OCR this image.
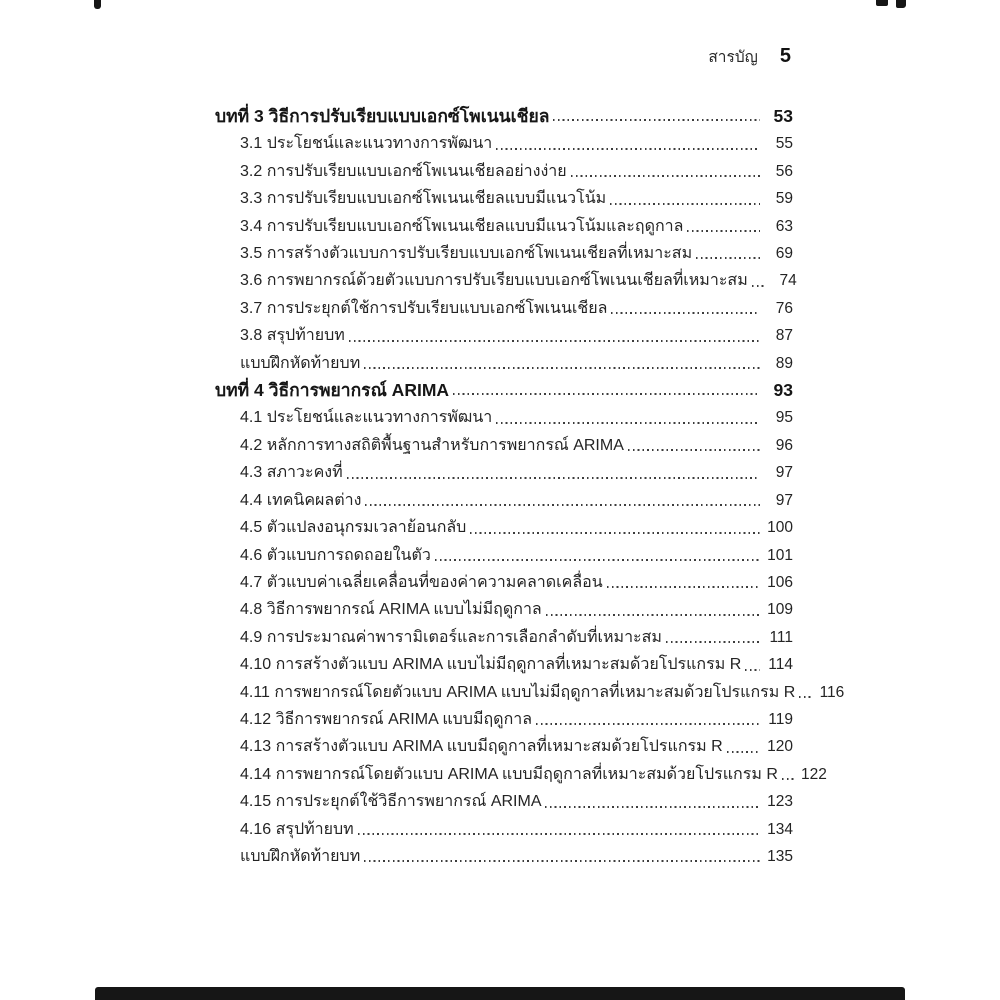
สารบัญ 5
บทที่ 3 วิธีการปรับเรียบแบบเอกซ์โพเนนเชียล	53
3.1 ประโยชน์และแนวทางการพัฒนา	55
3.2 การปรับเรียบแบบเอกซ์โพเนนเชียลอย่างง่าย	56
3.3 การปรับเรียบแบบเอกซ์โพเนนเชียลแบบมีแนวโน้ม	59
3.4 การปรับเรียบแบบเอกซ์โพเนนเชียลแบบมีแนวโน้มและฤดูกาล	63
3.5 การสร้างตัวแบบการปรับเรียบแบบเอกซ์โพเนนเชียลที่เหมาะสม	69
3.6 การพยากรณ์ด้วยตัวแบบการปรับเรียบแบบเอกซ์โพเนนเชียลที่เหมาะสม	74
3.7 การประยุกต์ใช้การปรับเรียบแบบเอกซ์โพเนนเชียล	76
3.8 สรุปท้ายบท	87
แบบฝึกหัดท้ายบท	89
บทที่ 4 วิธีการพยากรณ์ ARIMA	93
4.1 ประโยชน์และแนวทางการพัฒนา	95
4.2 หลักการทางสถิติพื้นฐานสำหรับการพยากรณ์ ARIMA	96
4.3 สภาวะคงที่	97
4.4 เทคนิคผลต่าง	97
4.5 ตัวแปลงอนุกรมเวลาย้อนกลับ	100
4.6 ตัวแบบการถดถอยในตัว	101
4.7 ตัวแบบค่าเฉลี่ยเคลื่อนที่ของค่าความคลาดเคลื่อน	106
4.8 วิธีการพยากรณ์ ARIMA แบบไม่มีฤดูกาล	109
4.9 การประมาณค่าพารามิเตอร์และการเลือกลำดับที่เหมาะสม	111
4.10 การสร้างตัวแบบ ARIMA แบบไม่มีฤดูกาลที่เหมาะสมด้วยโปรแกรม R	114
4.11 การพยากรณ์โดยตัวแบบ ARIMA แบบไม่มีฤดูกาลที่เหมาะสมด้วยโปรแกรม R	116
4.12 วิธีการพยากรณ์ ARIMA แบบมีฤดูกาล	119
4.13 การสร้างตัวแบบ ARIMA แบบมีฤดูกาลที่เหมาะสมด้วยโปรแกรม R	120
4.14 การพยากรณ์โดยตัวแบบ ARIMA แบบมีฤดูกาลที่เหมาะสมด้วยโปรแกรม R 122
4.15 การประยุกต์ใช้วิธีการพยากรณ์ ARIMA	123
4.16 สรุปท้ายบท	134
แบบฝึกหัดท้ายบท	135
